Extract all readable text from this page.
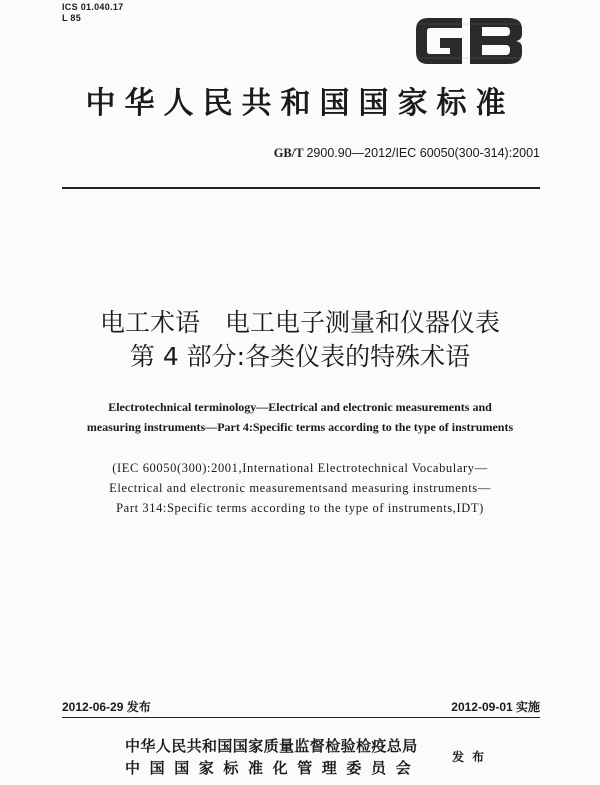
ICS 01.040.17
L 85
中华人民共和国国家标准
GB/T 2900.90—2012/IEC 60050(300-314):2001
电工术语　电工电子测量和仪器仪表
第 4 部分:各类仪表的特殊术语
Electrotechnical terminology—Electrical and electronic measurements and
measuring instruments—Part 4:Specific terms according to the type of instruments
(IEC 60050(300):2001,International Electrotechnical Vocabulary—
Electrical and electronic measurementsand measuring instruments—
Part 314:Specific terms according to the type of instruments,IDT)
2012-06-29 发布	2012-09-01 实施
中华人民共和国国家质量监督检验检疫总局
中国国家标准化管理委员会
发布
